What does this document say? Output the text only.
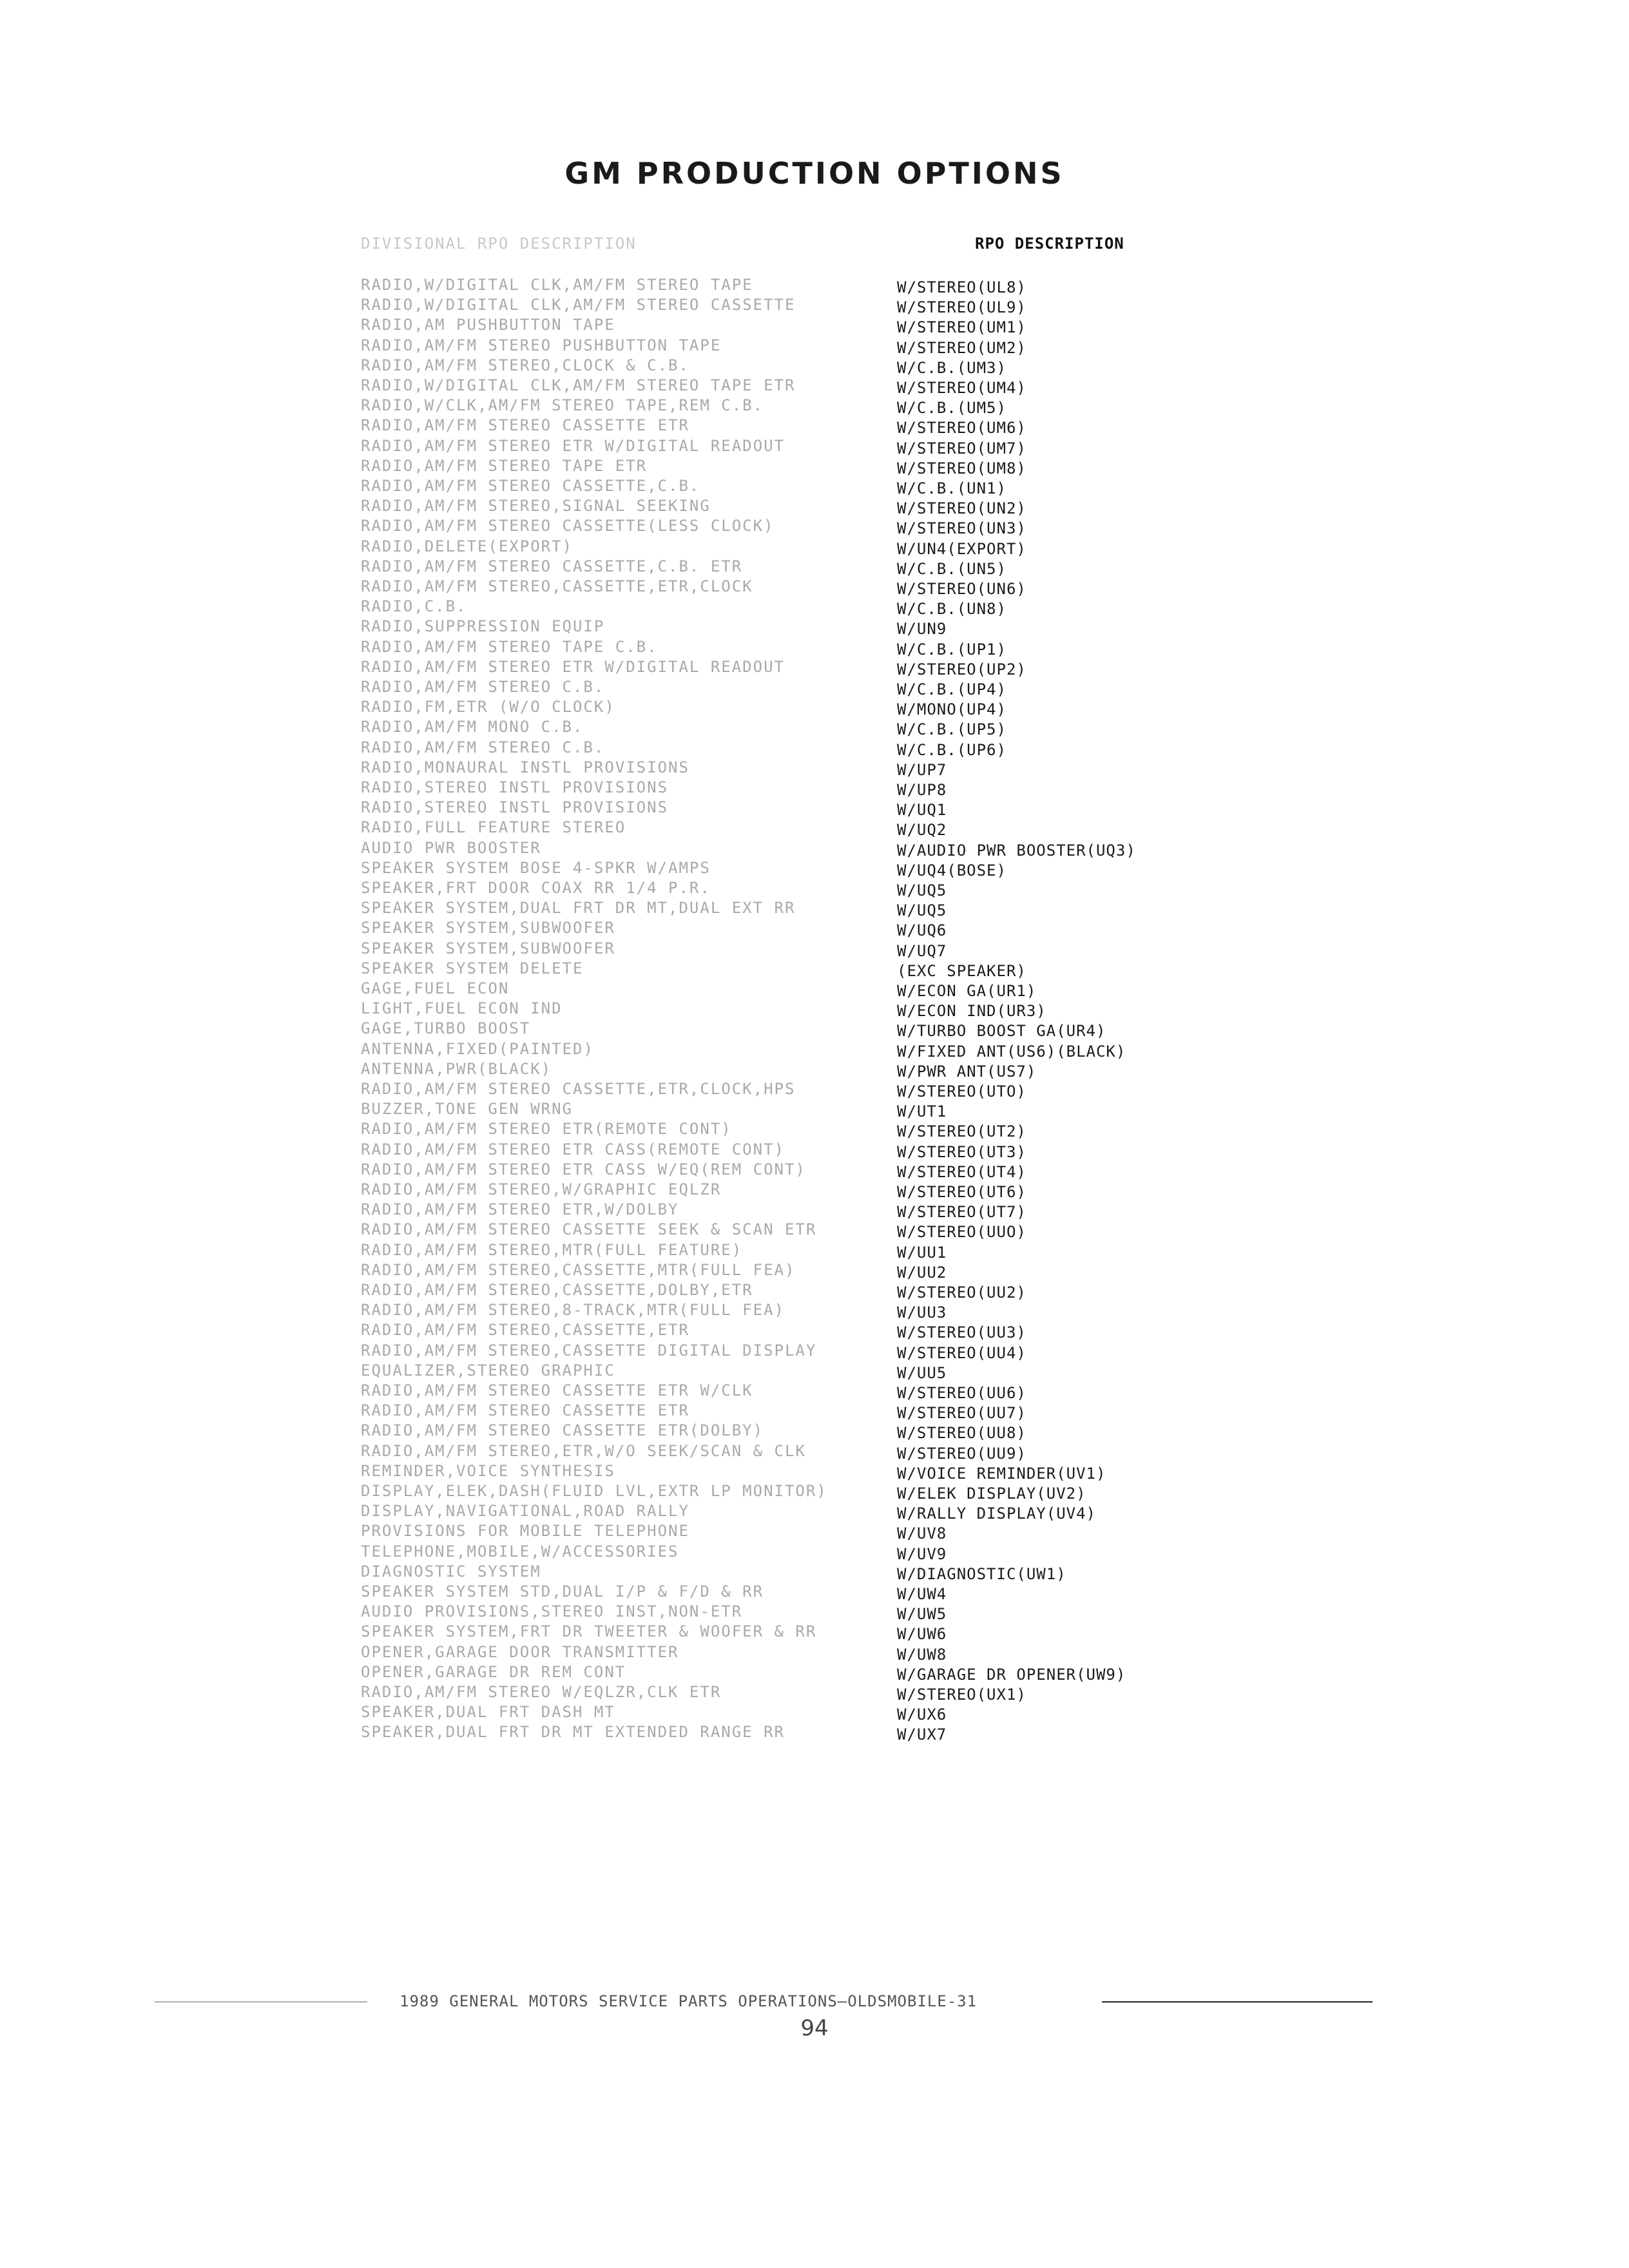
GM PRODUCTION OPTIONS
DIVISIONAL RPO DESCRIPTION	RPO DESCRIPTION
RADIO,W/DIGITAL CLK,AM/FM STEREO TAPE
RADIO,W/DIGITAL CLK,AM/FM STEREO CASSETTE
RADIO,AM PUSHBUTTON TAPE
RADIO,AM/FM STEREO PUSHBUTTON TAPE
RADIO,AM/FM STEREO,CLOCK & C.B.
RADIO,W/DIGITAL CLK,AM/FM STEREO TAPE ETR
RADIO,W/CLK,AM/FM STEREO TAPE,REM C.B.
RADIO,AM/FM STEREO CASSETTE ETR
RADIO,AM/FM STEREO ETR W/DIGITAL READOUT
RADIO,AM/FM STEREO TAPE ETR
RADIO,AM/FM STEREO CASSETTE,C.B.
RADIO,AM/FM STEREO,SIGNAL SEEKING
RADIO,AM/FM STEREO CASSETTE(LESS CLOCK)
RADIO,DELETE(EXPORT)
RADIO,AM/FM STEREO CASSETTE,C.B. ETR
RADIO,AM/FM STEREO,CASSETTE,ETR,CLOCK
RADIO,C.B.
RADIO,SUPPRESSION EQUIP
RADIO,AM/FM STEREO TAPE C.B.
RADIO,AM/FM STEREO ETR W/DIGITAL READOUT
RADIO,AM/FM STEREO C.B.
RADIO,FM,ETR (W/O CLOCK)
RADIO,AM/FM MONO C.B.
RADIO,AM/FM STEREO C.B.
RADIO,MONAURAL INSTL PROVISIONS
RADIO,STEREO INSTL PROVISIONS
RADIO,STEREO INSTL PROVISIONS
RADIO,FULL FEATURE STEREO
AUDIO PWR BOOSTER
SPEAKER SYSTEM BOSE 4-SPKR W/AMPS
SPEAKER,FRT DOOR COAX RR 1/4 P.R.
SPEAKER SYSTEM,DUAL FRT DR MT,DUAL EXT RR
SPEAKER SYSTEM,SUBWOOFER
SPEAKER SYSTEM,SUBWOOFER
SPEAKER SYSTEM DELETE
GAGE,FUEL ECON
LIGHT,FUEL ECON IND
GAGE,TURBO BOOST
ANTENNA,FIXED(PAINTED)
ANTENNA,PWR(BLACK)
RADIO,AM/FM STEREO CASSETTE,ETR,CLOCK,HPS
BUZZER,TONE GEN WRNG
RADIO,AM/FM STEREO ETR(REMOTE CONT)
RADIO,AM/FM STEREO ETR CASS(REMOTE CONT)
RADIO,AM/FM STEREO ETR CASS W/EQ(REM CONT)
RADIO,AM/FM STEREO,W/GRAPHIC EQLZR
RADIO,AM/FM STEREO ETR,W/DOLBY
RADIO,AM/FM STEREO CASSETTE SEEK & SCAN ETR
RADIO,AM/FM STEREO,MTR(FULL FEATURE)
RADIO,AM/FM STEREO,CASSETTE,MTR(FULL FEA)
RADIO,AM/FM STEREO,CASSETTE,DOLBY,ETR
RADIO,AM/FM STEREO,8-TRACK,MTR(FULL FEA)
RADIO,AM/FM STEREO,CASSETTE,ETR
RADIO,AM/FM STEREO,CASSETTE DIGITAL DISPLAY
EQUALIZER,STEREO GRAPHIC
RADIO,AM/FM STEREO CASSETTE ETR W/CLK
RADIO,AM/FM STEREO CASSETTE ETR
RADIO,AM/FM STEREO CASSETTE ETR(DOLBY)
RADIO,AM/FM STEREO,ETR,W/O SEEK/SCAN & CLK
REMINDER,VOICE SYNTHESIS
DISPLAY,ELEK,DASH(FLUID LVL,EXTR LP MONITOR)
DISPLAY,NAVIGATIONAL,ROAD RALLY
PROVISIONS FOR MOBILE TELEPHONE
TELEPHONE,MOBILE,W/ACCESSORIES
DIAGNOSTIC SYSTEM
SPEAKER SYSTEM STD,DUAL I/P & F/D & RR
AUDIO PROVISIONS,STEREO INST,NON-ETR
SPEAKER SYSTEM,FRT DR TWEETER & WOOFER & RR
OPENER,GARAGE DOOR TRANSMITTER
OPENER,GARAGE DR REM CONT
RADIO,AM/FM STEREO W/EQLZR,CLK ETR
SPEAKER,DUAL FRT DASH MT
SPEAKER,DUAL FRT DR MT EXTENDED RANGE RR
W/STEREO(UL8)
W/STEREO(UL9)
W/STEREO(UM1)
W/STEREO(UM2)
W/C.B.(UM3)
W/STEREO(UM4)
W/C.B.(UM5)
W/STEREO(UM6)
W/STEREO(UM7)
W/STEREO(UM8)
W/C.B.(UN1)
W/STEREO(UN2)
W/STEREO(UN3)
W/UN4(EXPORT)
W/C.B.(UN5)
W/STEREO(UN6)
W/C.B.(UN8)
W/UN9
W/C.B.(UP1)
W/STEREO(UP2)
W/C.B.(UP4)
W/MONO(UP4)
W/C.B.(UP5)
W/C.B.(UP6)
W/UP7
W/UP8
W/UQ1
W/UQ2
W/AUDIO PWR BOOSTER(UQ3)
W/UQ4(BOSE)
W/UQ5
W/UQ5
W/UQ6
W/UQ7
(EXC SPEAKER)
W/ECON GA(UR1)
W/ECON IND(UR3)
W/TURBO BOOST GA(UR4)
W/FIXED ANT(US6)(BLACK)
W/PWR ANT(US7)
W/STEREO(UTO)
W/UT1
W/STEREO(UT2)
W/STEREO(UT3)
W/STEREO(UT4)
W/STEREO(UT6)
W/STEREO(UT7)
W/STEREO(UUO)
W/UU1
W/UU2
W/STEREO(UU2)
W/UU3
W/STEREO(UU3)
W/STEREO(UU4)
W/UU5
W/STEREO(UU6)
W/STEREO(UU7)
W/STEREO(UU8)
W/STEREO(UU9)
W/VOICE REMINDER(UV1)
W/ELEK DISPLAY(UV2)
W/RALLY DISPLAY(UV4)
W/UV8
W/UV9
W/DIAGNOSTIC(UW1)
W/UW4
W/UW5
W/UW6
W/UW8
W/GARAGE DR OPENER(UW9)
W/STEREO(UX1)
W/UX6
W/UX7
1989 GENERAL MOTORS SERVICE PARTS OPERATIONS—OLDSMOBILE-31
94
